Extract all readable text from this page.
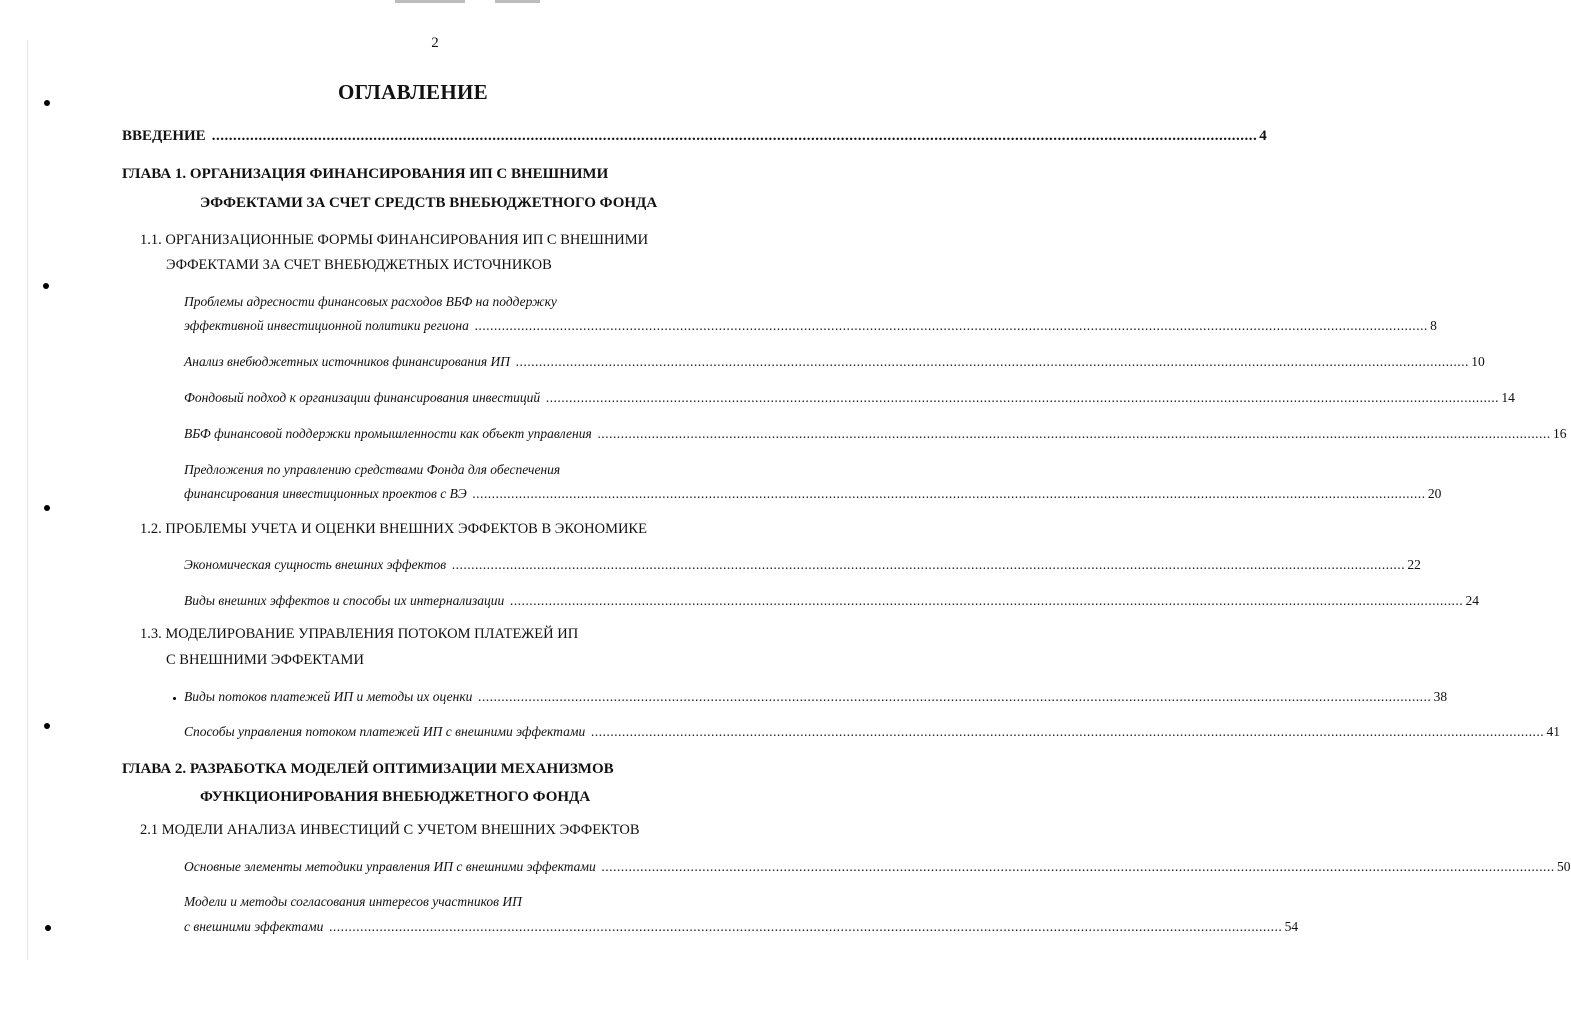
2
ОГЛАВЛЕНИЕ
ВВЕДЕНИЕ .....	4
ГЛАВА 1. ОРГАНИЗАЦИЯ ФИНАНСИРОВАНИЯ ИП С ВНЕШНИМИ
ЭФФЕКТАМИ ЗА СЧЕТ СРЕДСТВ ВНЕБЮДЖЕТНОГО ФОНДА
1.1. ОРГАНИЗАЦИОННЫЕ ФОРМЫ ФИНАНСИРОВАНИЯ ИП С ВНЕШНИМИ
ЭФФЕКТАМИ ЗА СЧЕТ ВНЕБЮДЖЕТНЫХ ИСТОЧНИКОВ
Проблемы адресности финансовых расходов ВБФ на поддержку
эффективной инвестиционной политики региона .....	8
Анализ внебюджетных источников финансирования ИП .....	10
Фондовый подход к организации финансирования инвестиций .....	14
ВБФ финансовой поддержки промышленности как объект управления .....	16
Предложения по управлению средствами Фонда для обеспечения
финансирования инвестиционных проектов с ВЭ .....	20
1.2. ПРОБЛЕМЫ УЧЕТА И ОЦЕНКИ ВНЕШНИХ ЭФФЕКТОВ В ЭКОНОМИКЕ
Экономическая сущность внешних эффектов .....	22
Виды внешних эффектов и способы их интернализации .....	24
1.3. МОДЕЛИРОВАНИЕ УПРАВЛЕНИЯ ПОТОКОМ ПЛАТЕЖЕЙ ИП
С ВНЕШНИМИ ЭФФЕКТАМИ
Виды потоков платежей ИП и методы их оценки .....	38
Способы управления потоком платежей ИП с внешними эффектами .....	41
ГЛАВА 2. РАЗРАБОТКА МОДЕЛЕЙ ОПТИМИЗАЦИИ МЕХАНИЗМОВ
ФУНКЦИОНИРОВАНИЯ ВНЕБЮДЖЕТНОГО ФОНДА
2.1 МОДЕЛИ АНАЛИЗА ИНВЕСТИЦИЙ С УЧЕТОМ ВНЕШНИХ ЭФФЕКТОВ
Основные элементы методики управления ИП с внешними эффектами .....	50
Модели и методы согласования интересов участников ИП
с внешними эффектами .....	54
